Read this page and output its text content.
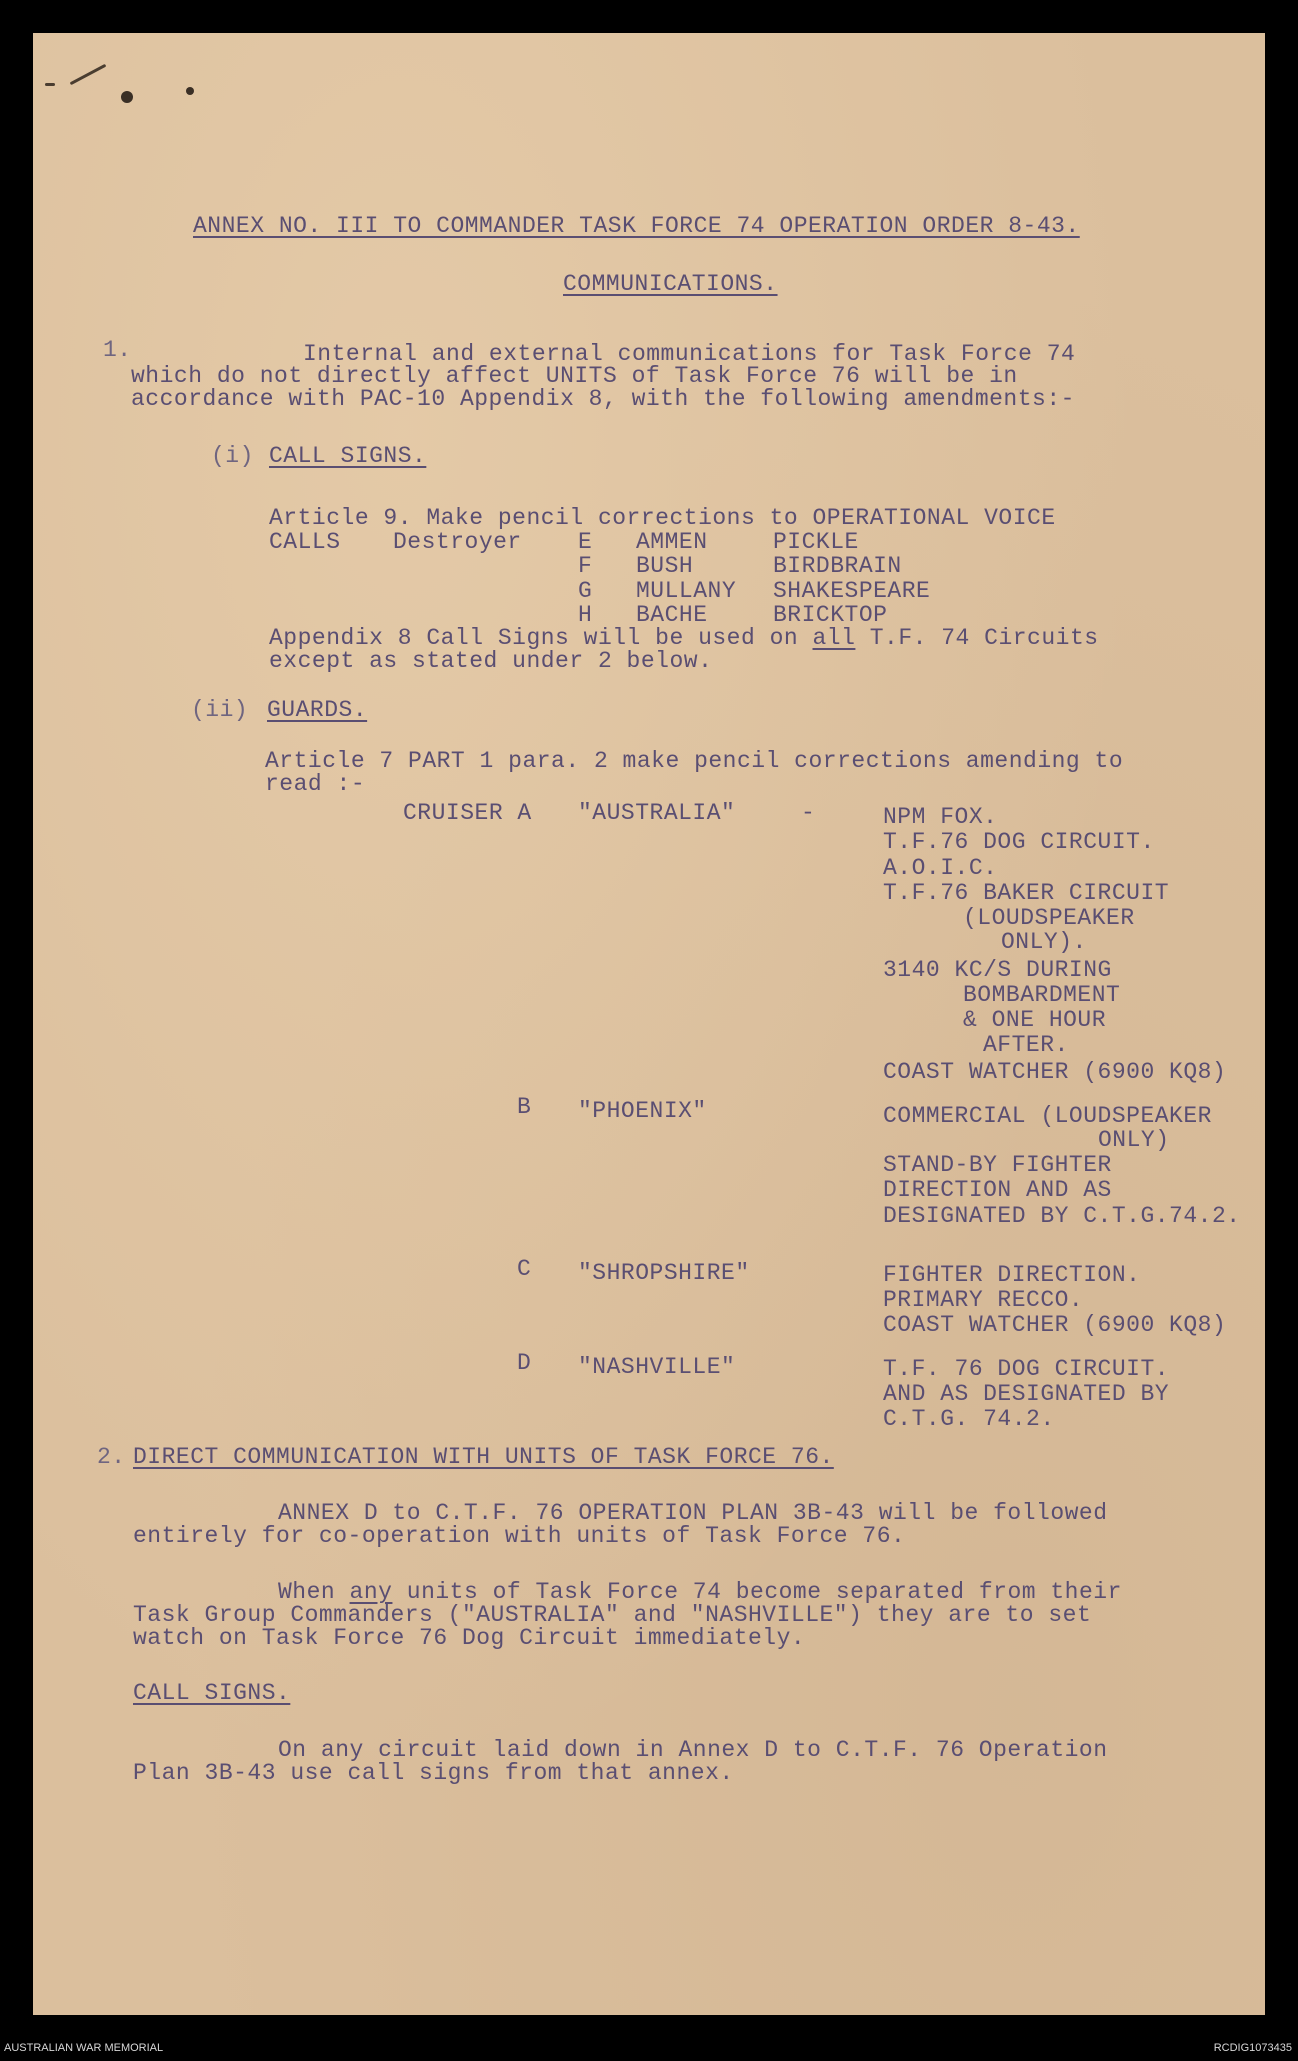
ANNEX NO. III TO COMMANDER TASK FORCE 74 OPERATION ORDER 8-43.
COMMUNICATIONS.
1.	Internal and external communications for Task Force 74
which do not directly affect UNITS of Task Force 76 will be in
accordance with PAC-10 Appendix 8, with the following amendments:-
(i) CALL SIGNS.
Article 9. Make pencil corrections to OPERATIONAL VOICE
CALLS Destroyer E AMMEN	PICKLE
F BUSH	BIRDBRAIN
G MULLANY SHAKESPEARE
H BACHE	BRICKTOP
Appendix 8 Call Signs will be used on all T.F. 74 Circuits
except as stated under 2 below.
(ii) GUARDS.
Article 7 PART 1 para. 2 make pencil corrections amending to
read :-
CRUISER A "AUSTRALIA"	-	NPM FOX.
T.F.76 DOG CIRCUIT.
A.O.I.C.
T.F.76 BAKER CIRCUIT
(LOUDSPEAKER
ONLY).
3140 KC/S DURING
BOMBARDMENT
& ONE HOUR
AFTER.
COAST WATCHER (6900 KQ8)
B "PHOENIX"	COMMERCIAL (LOUDSPEAKER
ONLY)
STAND-BY FIGHTER
DIRECTION AND AS
DESIGNATED BY C.T.G.74.2.
C "SHROPSHIRE"	FIGHTER DIRECTION.
PRIMARY RECCO.
COAST WATCHER (6900 KQ8)
D "NASHVILLE"	T.F. 76 DOG CIRCUIT.
AND AS DESIGNATED BY
C.T.G. 74.2.
2. DIRECT COMMUNICATION WITH UNITS OF TASK FORCE 76.
ANNEX D to C.T.F. 76 OPERATION PLAN 3B-43 will be followed
entirely for co-operation with units of Task Force 76.
When any units of Task Force 74 become separated from their
Task Group Commanders ("AUSTRALIA" and "NASHVILLE") they are to set
watch on Task Force 76 Dog Circuit immediately.
CALL SIGNS.
On any circuit laid down in Annex D to C.T.F. 76 Operation
Plan 3B-43 use call signs from that annex.
AUSTRALIAN WAR MEMORIAL	RCDIG1073435
